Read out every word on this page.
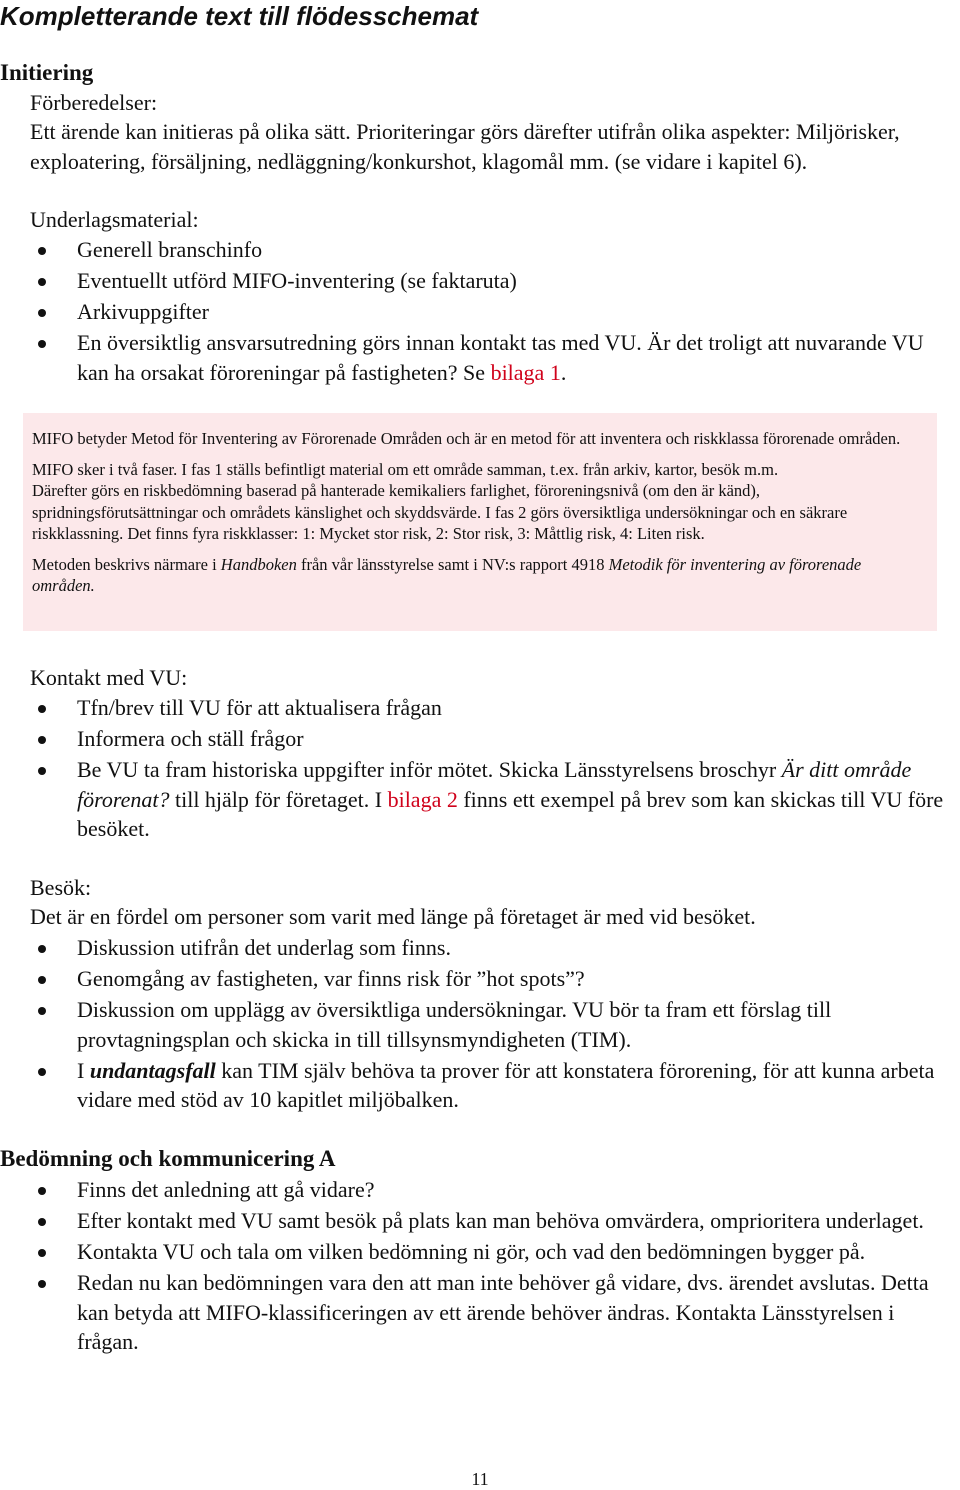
Kompletterande text till flödesschemat
Initiering

Förberedelser:

Ett ärende kan initieras på olika sätt. Prioriteringar görs därefter utifrån olika aspekter: Miljörisker, exploatering, försäljning, nedläggning/konkurshot, klagomål mm. (se vidare i kapitel 6).

Underlagsmaterial:

Generell branschinfo
Eventuellt utförd MIFO-inventering (se faktaruta)
Arkivuppgifter
En översiktlig ansvarsutredning görs innan kontakt tas med VU. Är det troligt att nuvarande VU kan ha orsakat föroreningar på fastigheten? Se bilaga 1.

MIFO betyder Metod för Inventering av Förorenade Områden och är en metod för att inventera och riskklassa förorenade områden.

MIFO sker i två faser. I fas 1 ställs befintligt material om ett område samman, t.ex. från arkiv, kartor, besök m.m.

Därefter görs en riskbedömning baserad på hanterade kemikaliers farlighet, föroreningsnivå (om den är känd), spridningsförutsättningar och områdets känslighet och skyddsvärde. I fas 2 görs översiktliga undersökningar och en säkrare riskklassning. Det finns fyra riskklasser: 1: Mycket stor risk, 2: Stor risk, 3: Måttlig risk, 4: Liten risk.

Metoden beskrivs närmare i Handboken från vår länsstyrelse samt i NV:s rapport 4918 Metodik för inventering av förorenade områden.

Kontakt med VU:

Tfn/brev till VU för att aktualisera frågan
Informera och ställ frågor
Be VU ta fram historiska uppgifter inför mötet. Skicka Länsstyrelsens broschyr Är ditt område förorenat? till hjälp för företaget. I bilaga 2 finns ett exempel på brev som kan skickas till VU före besöket.

Besök:

Det är en fördel om personer som varit med länge på företaget är med vid besöket.

Diskussion utifrån det underlag som finns.
Genomgång av fastigheten, var finns risk för ”hot spots”?
Diskussion om upplägg av översiktliga undersökningar. VU bör ta fram ett förslag till provtagningsplan och skicka in till tillsynsmyndigheten (TIM).
I undantagsfall kan TIM själv behöva ta prover för att konstatera förorening, för att kunna arbeta vidare med stöd av 10 kapitlet miljöbalken.
Bedömning och kommunicering A
Finns det anledning att gå vidare?
Efter kontakt med VU samt besök på plats kan man behöva omvärdera, omprioritera underlaget.
Kontakta VU och tala om vilken bedömning ni gör, och vad den bedömningen bygger på.
Redan nu kan bedömningen vara den att man inte behöver gå vidare, dvs. ärendet avslutas. Detta kan betyda att MIFO-klassificeringen av ett ärende behöver ändras. Kontakta Länsstyrelsen i frågan.
11
